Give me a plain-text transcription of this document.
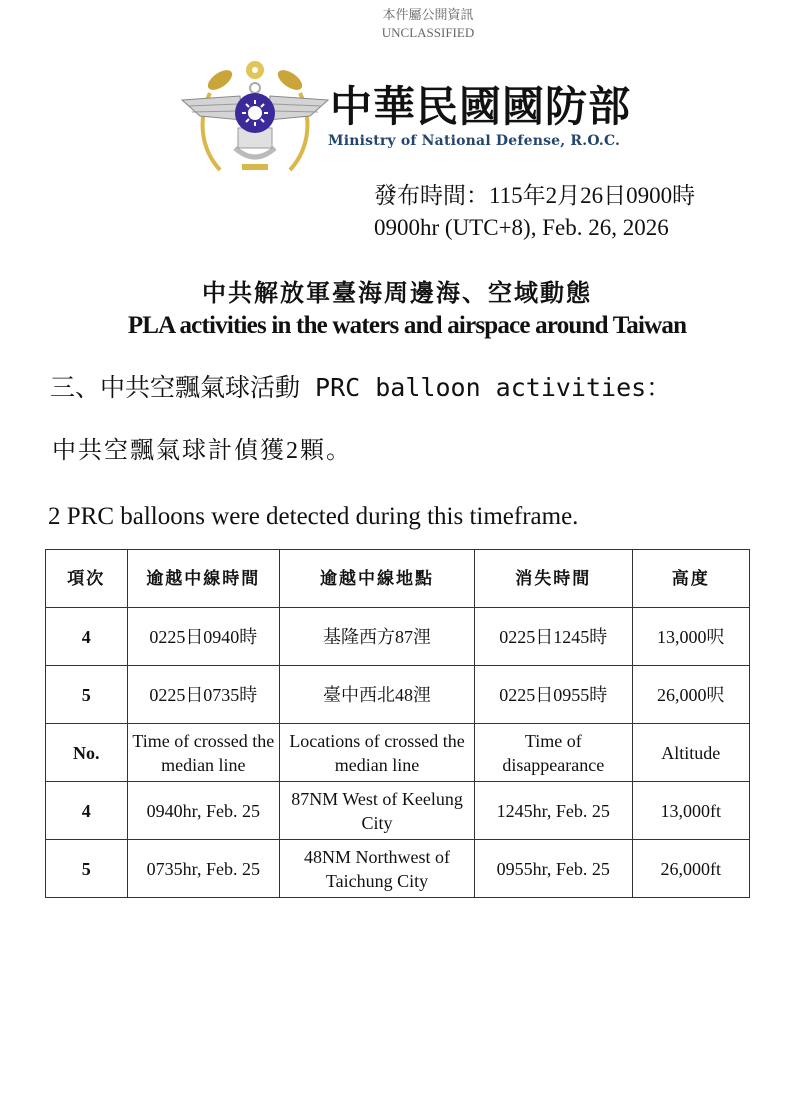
本件屬公開資訊
UNCLASSIFIED
中華民國國防部
Ministry of National Defense, R.O.C.
發布時間：115年2月26日0900時
0900hr (UTC+8), Feb. 26, 2026
中共解放軍臺海周邊海、空域動態
PLA activities in the waters and airspace around Taiwan
三、中共空飄氣球活動 PRC balloon activities：
中共空飄氣球計偵獲2顆。
2 PRC balloons were detected during this timeframe.
項次	逾越中線時間	逾越中線地點	消失時間	高度
4	0225日0940時	基隆西方87浬	0225日1245時	13,000呎
5	0225日0735時	臺中西北48浬	0225日0955時	26,000呎
No.	Time of crossed the median line	Locations of crossed the median line	Time of disappearance	Altitude
4	0940hr, Feb. 25	87NM West of Keelung City	1245hr, Feb. 25	13,000ft
5	0735hr, Feb. 25	48NM Northwest of Taichung City	0955hr, Feb. 25	26,000ft
